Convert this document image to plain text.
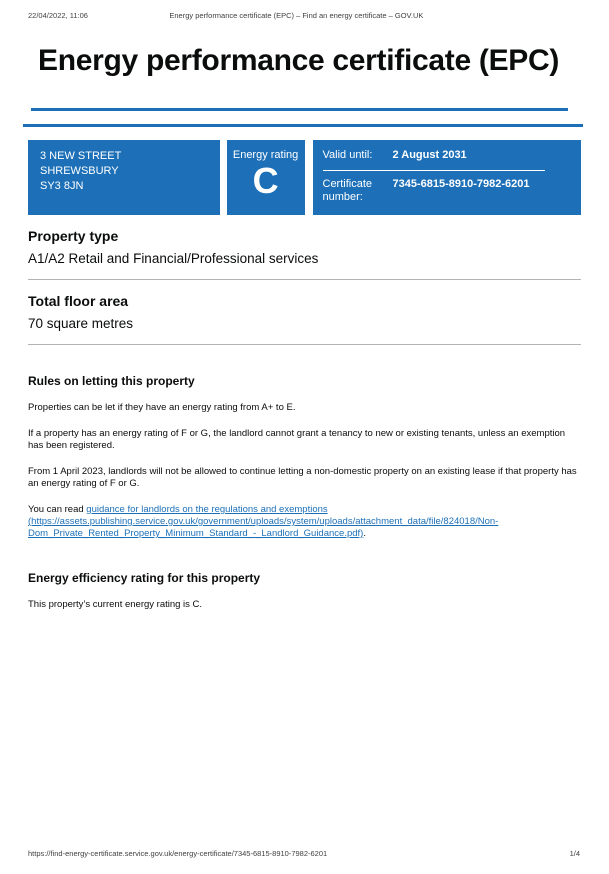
22/04/2022, 11:06	Energy performance certificate (EPC) – Find an energy certificate – GOV.UK
Energy performance certificate (EPC)
3 NEW STREET
SHREWSBURY
SY3 8JN
Energy rating
C
Valid until:	2 August 2031
Certificate number:
7345-6815-8910-7982-6201
Property type
A1/A2 Retail and Financial/Professional services
Total floor area
70 square metres
Rules on letting this property

Properties can be let if they have an energy rating from A+ to E.

If a property has an energy rating of F or G, the landlord cannot grant a tenancy to new or existing tenants, unless an exemption has been registered.

From 1 April 2023, landlords will not be allowed to continue letting a non-domestic property on an existing lease if that property has an energy rating of F or G.

You can read guidance for landlords on the regulations and exemptions (https://assets.publishing.service.gov.uk/government/uploads/system/uploads/attachment_data/file/824018/Non-Dom_Private_Rented_Property_Minimum_Standard_-_Landlord_Guidance.pdf).

Energy efficiency rating for this property

This property’s current energy rating is C.

https://find-energy-certificate.service.gov.uk/energy-certificate/7345-6815-8910-7982-6201	1/4
